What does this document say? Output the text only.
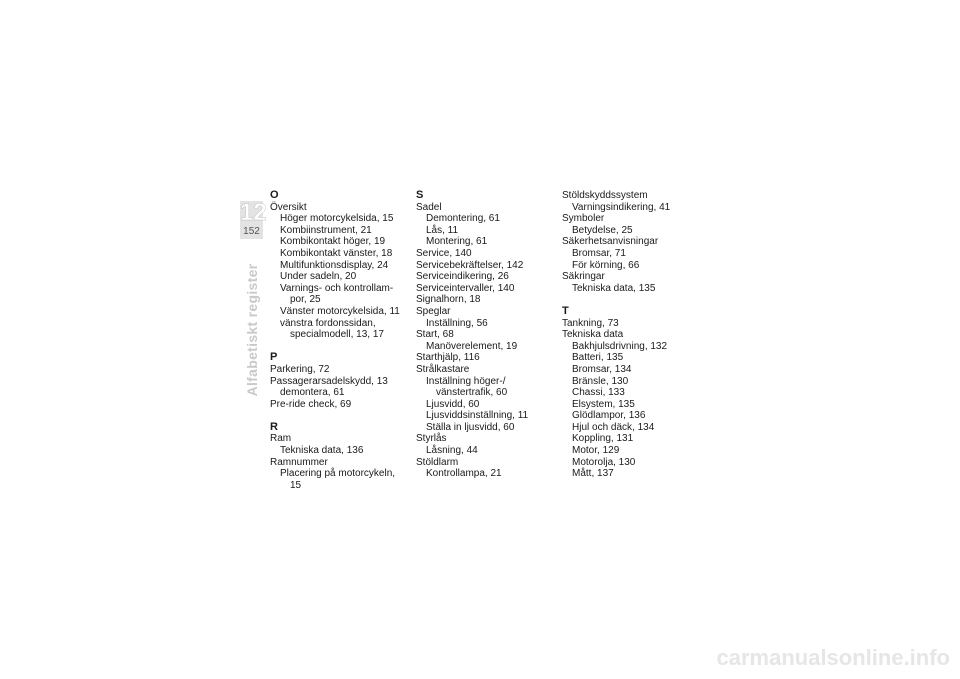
12
152
Alfabetiskt register
O
Översikt
Höger motorcykelsida, 15
Kombiinstrument, 21
Kombikontakt höger, 19
Kombikontakt vänster, 18
Multifunktionsdisplay, 24
Under sadeln, 20
Varnings- och kontrollam-por, 25
Vänster motorcykelsida, 11
vänstra fordonssidan, specialmodell, 13, 17
P
Parkering, 72
Passagerarsadelskydd, 13
demontera, 61
Pre-ride check, 69
R
Ram
Tekniska data, 136
Ramnummer
Placering på motorcykeln, 15
S
Sadel
Demontering, 61
Lås, 11
Montering, 61
Service, 140
Servicebekräftelser, 142
Serviceindikering, 26
Serviceintervaller, 140
Signalhorn, 18
Speglar
Inställning, 56
Start, 68
Manöverelement, 19
Starthjälp, 116
Strålkastare
Inställning höger-/ vänstertrafik, 60
Ljusvidd, 60
Ljusviddsinställning, 11
Ställa in ljusvidd, 60
Styrlås
Låsning, 44
Stöldlarm
Kontrollampa, 21
Stöldskyddssystem
Varningsindikering, 41
Symboler
Betydelse, 25
Säkerhetsanvisningar
Bromsar, 71
För körning, 66
Säkringar
Tekniska data, 135
T
Tankning, 73
Tekniska data
Bakhjulsdrivning, 132
Batteri, 135
Bromsar, 134
Bränsle, 130
Chassi, 133
Elsystem, 135
Glödlampor, 136
Hjul och däck, 134
Koppling, 131
Motor, 129
Motorolja, 130
Mått, 137
carmanualsonline.info
